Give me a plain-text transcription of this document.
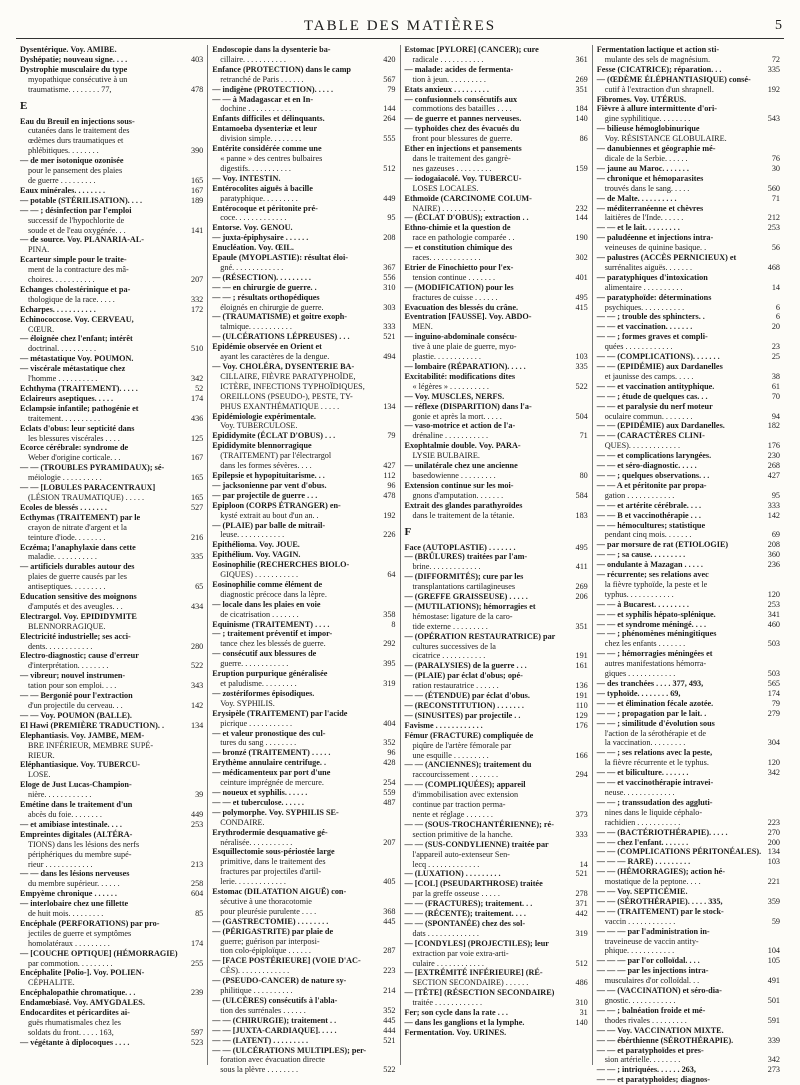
TABLE DES MATIÈRES	5
Dysentérique. Voy. AMIBE.
Dyshépatie; nouveau signe. . . .	403
Dystrophie musculaire du type
myopathique consécutive à un
traumatisme. . . . . . . . 77,	478
E
Eau du Breuil en injections sous-
cutanées dans le traitement des
œdèmes durs traumatiques et
phlébitiques. . . . . . . .	390
— de mer isotonique ozonisée
pour le pansement des plaies
de guerre . . . . . . . . .	165
Eaux minérales. . . . . . . .	167
— potable (STÉRILISATION). . . .	189
— — ; désinfection par l'emploi
successif de l'hypochlorite de
soude et de l'eau oxygénée. . .	141
— de source. Voy. PLANARIA-AL-
PINA.
Ecarteur simple pour le traite-
ment de la contracture des mâ-
choires. . . . . . . . . . .	207
Echanges cholestérinique et pa-
thologique de la race. . . . .	332
Echarpes. . . . . . . . . . .	172
Echinococcose. Voy. CERVEAU,
CŒUR.
— éloignée chez l'enfant; intérêt
doctrinal. . . . . . . . . .	510
— métastatique Voy. POUMON.
— viscérale métastatique chez
l'homme . . . . . . . . . .	342
Echthyma (TRAITEMENT). . . . .	52
Eclaireurs aseptiques. . . . .	174
Eclampsie infantile; pathogénie et
traitement. . . . . . . . . .	436
Eclats d'obus: leur septicité dans
les blessures viscérales . . . .	125
Ecorce cérébrale: syndrome de
Weber d'origine corticale. . .	167
— — (TROUBLES PYRAMIDAUX); sé-
méiologie . . . . . . . . . .	165
— — [LOBULES PARACENTRAUX]
(LÉSION TRAUMATIQUE) . . . . .	165
Ecoles de blessés . . . . . . .	527
Ecthymas (TRAITEMENT) par le
crayon de nitrate d'argent et la
teinture d'iode. . . . . . . .	216
Eczéma; l'anaphylaxie dans cette
maladie. . . . . . . . . . .	335
— artificiels durables autour des
plaies de guerre causés par les
antiseptiques. . . . . . . . .	65
Education sensitive des moignons
d'amputés et des aveugles. . .	434
Electrargol. Voy. EPIDIDYMITE
BLENNORRAGIQUE.
Electricité industrielle; ses acci-
dents. . . . . . . . . . . .	280
Electro-diagnostic; cause d'erreur
d'interprétation. . . . . . . .	522
— vibreur; nouvel instrumen-
tation pour son emploi. . . .	343
— — Bergonié pour l'extraction
d'un projectile du cerveau. . .	142
— — Voy. POUMON (BALLE).
El Hawi (PREMIÈRE TRADUCTION). .	134
Elephantiasis. Voy. JAMBE, MEM-
BRE INFÉRIEUR, MEMBRE SUPÉ-
RIEUR.
Eléphantiasique. Voy. TUBERCU-
LOSE.
Eloge de Just Lucas-Champion-
nière. . . . . . . . . . . .	39
Emétine dans le traitement d'un
abcès du foie. . . . . . . .	449
— et amibiase intestinale. . . .	253
Empreintes digitales (ALTÉRA-
TIONS) dans les lésions des nerfs
périphériques du membre supé-
rieur . . . . . . . . . . . .	213
— — dans les lésions nerveuses
du membre supérieur. . . . . .	258
Empyème chronique . . . . . .	604
— interlobaire chez une fillette
de huit mois. . . . . . . . .	85
Encéphale (PERFORATIONS) par pro-
jectiles de guerre et symptômes
homolatéraux . . . . . . . . .	174
— [COUCHE OPTIQUE] (HÉMORRAGIE)
par commotion. . . . . . . . .	255
Encéphalite [Polio-]. Voy. POLIEN-
CÉPHALITE.
Encéphalopathie chromatique. . .	239
Endamœbiasé. Voy. AMYGDALES.
Endocardites et péricardites ai-
guës rhumatismales chez les
soldats du front. . . . . 163,	597
— végétante à diplocoques . . . .	523
Endoscopie dans la dysenterie ba-
cillaire. . . . . . . . . . .	420
Enfance (PROTECTION) dans le camp
retranché de Paris . . . . . .	567
— indigène (PROTECTION). . . . .	79
— — à Madagascar et en In-
dochine . . . . . . . . . . .	144
Enfants difficiles et délinquants.	264
Entamoeba dysenteriæ et leur
division simple. . . . . . . .	555
Entérite considérée comme une
« panne » des centres bulbaires
digestifs. . . . . . . . . . .	512
— Voy. INTESTIN.
Entérocolites aiguës à bacille
paratyphique. . . . . . . . .	449
Entérocoque et péritonite pré-
coce. . . . . . . . . . . . .	95
Entorse. Voy. GENOU.
— juxta-épiphysaire . . . . . .	208
Enucléation. Voy. ŒIL.
Epaule (MYOPLASTIE): résultat éloi-
gné. . . . . . . . . . . . .	367
— (RÉSECTION). . . . . . . . .	556
— — en chirurgie de guerre. .	310
— — ; résultats orthopédiques
éloignés en chirurgie de guerre.	303
— (TRAUMATISME) et goitre exoph-
talmique. . . . . . . . . . .	333
— (ULCÉRATIONS LÉPREUSES) . . .	521
Epidémie observée en Orient et
ayant les caractères de la dengue.	494
— Voy. CHOLÉRA, DYSENTERIE BA-
CILLAIRE, FIÈVRE PARATYPHOÏDE,
ICTÈRE, INFECTIONS TYPHOÏDIQUES,
OREILLONS (PSEUDO-), PESTE, TY-
PHUS EXANTHÉMATIQUE . . . . .	134
Epidémiologie expérimentale.
Voy. TUBERCULOSE.
Epididymite (ÉCLAT D'OBUS) . . .	79
Epididymite blennorragique
(TRAITEMENT) par l'électrargol
dans les formes sévères. . . .	427
Epilepsie et hypopituitarisme. . .	112
— jacksonienne par vent d'obus.	96
— par projectile de guerre . . .	478
Epiploon (CORPS ÉTRANGER) en-
kysté extrait au bout d'un an. .	192
— (PLAIE) par balle de mitrail-
leuse. . . . . . . . . . . .	226
Epithélioma. Voy. JOUE.
Epithélium. Voy. VAGIN.
Eosinophilie (RECHERCHES BIOLO-
GIQUES) . . . . . . . . . . .	64
Eosinophilie comme élément de
diagnostic précoce dans la lèpre.
— locale dans les plaies en voie
de cicatrisation . . . . . . .	358
Equinisme (TRAITEMENT) . . . .	8
— ; traitement préventif et impor-
tance chez les blessés de guerre.	292
— consécutif aux blessures de
guerre. . . . . . . . . . . .	395
Eruption purpurique généralisée
et paludisme. . . . . . . . .	319
— zostériformes épisodiques.
Voy. SYPHILIS.
Erysipèle (TRAITEMENT) par l'acide
picrique . . . . . . . . . . .	404
— et valeur pronostique des cul-
tures du sang . . . . . . . .	352
— bronzé (TRAITEMENT) . . . . .	96
Erythème annulaire centrifuge. .	428
— médicamenteux par port d'une
ceinture imprégnée de mercure.	254
— noueux et syphilis. . . . . .	559
— — et tuberculose. . . . . .	487
— polymorphe. Voy. SYPHILIS SE-
CONDAIRE.
Erythrodermie desquamative gé-
néralisée. . . . . . . . . . .	207
Esquillectomie sous-périostée large
primitive, dans le traitement des
fractures par projectiles d'artil-
lerie. . . . . . . . . . . . .	405
Estomac (DILATATION AIGUË) con-
sécutive à une thoracotomie
pour pleurésie purulente . . . .	368
— (GASTRECTOMIE) . . . . . . . .	445
— (PÉRIGASTRITE) par plaie de
guerre; guérison par interposi-
tion colo-épiploïque . . . . . .	287
— [FACE POSTÉRIEURE] (VOIE D'AC-
CÈS). . . . . . . . . . . . .	223
— (PSEUDO-CANCER) de nature sy-
philitique . . . . . . . . . .	214
— (ULCÈRES) consécutifs à l'abla-
tion des surrénales . . . . . .	352
— — (CHIRURGIE); traitement . .	445
— — [JUXTA-CARDIAQUE]. . . . .	444
— — (LATENT) . . . . . . . . .	521
— — (ULCÉRATIONS MULTIPLES); per-
foration avec évacuation directe
sous la plèvre . . . . . . . .	522
Estomac [PYLORE] (CANCER); cure
radicale . . . . . . . . . . .	361
— malade: acides de fermenta-
tion à jeun. . . . . . . . . .	269
Etats anxieux . . . . . . . . .	351
— confusionnels consécutifs aux
commotions des batailles . . . .	184
— de guerre et pannes nerveuses.	140
— typhoïdes chez des évacués du
front pour blessures de guerre.	86
Ether en injections et pansements
dans le traitement des gangrè-
nes gazeuses . . . . . . . . .	159
— iodogaiacolé. Voy. TUBERCU-
LOSES LOCALES.
Ethmoïde (CARCINOME COLUM-
NAIRE) . . . . . . . . . . .	232
— (ÉCLAT D'OBUS); extraction . .	144
Ethno-chimie et la question de
race en pathologie comparée . .	190
— et constitution chimique des
races. . . . . . . . . . . . .	302
Etrier de Finochietto pour l'ex-
tension continue . . . . . . .	401
— (MODIFICATION) pour les
fractures de cuisse . . . . . .	495
Evacuation des blessés du crâne.	415
Eventration [FAUSSE]. Voy. ABDO-
MEN.
— inguino-abdominale consécu-
tive à une plaie de guerre, myo-
plastie. . . . . . . . . . . .	103
— lombaire (RÉPARATION). . . . .	335
Excitabilité: modifications dites
« légères » . . . . . . . . . .	522
— Voy. MUSCLES, NERFS.
— réflexe (DISPARITION) dans l'a-
gonie et après la mort. . . . .	504
— vaso-motrice et action de l'a-
drénaline . . . . . . . . . . .	71
Exophtalmie double. Voy. PARA-
LYSIE BULBAIRE.
— unilatérale chez une ancienne
basedowienne . . . . . . . . .	80
Extension continue sur les moi-
gnons d'amputation. . . . . . .	584
Extrait des glandes parathyroïdes
dans le traitement de la tétanie.	183
F
Face (AUTOPLASTIE) . . . . . . .	495
— (BRÛLURES) traitées par l'am-
brine. . . . . . . . . . . . .	411
— (DIFFORMITÉS); cure par les
transplantations cartilagineuses	269
— (GREFFE GRAISSEUSE) . . . . .	206
— (MUTILATIONS); hémorragies et
hémostase: ligature de la caro-
tide externe . . . . . . . . .	351
— (OPÉRATION RESTAURATRICE) par
cultures successives de la
cicatrice . . . . . . . . . . .	191
— (PARALYSIES) de la guerre . . .	161
— (PLAIE) par éclat d'obus; opé-
ration restauratrice . . . . . .	136
— — (ÉTENDUE) par éclat d'obus.	191
— (RECONSTITUTION) . . . . . . .	110
— (SINUSITES) par projectile . .	129
Favisme . . . . . . . . . . . .	176
Fémur (FRACTURE) compliquée de
piqûre de l'artère fémorale par
une esquille . . . . . . . . .	166
— — (ANCIENNES); traitement du
raccourcissement . . . . . . .	294
— — (COMPLIQUÉES); appareil
d'immobilisation avec extension
continue par traction perma-
nente et réglage . . . . . . .	373
— — (SOUS-TROCHANTÉRIENNE); ré-
section primitive de la hanche.	333
— — (SUS-CONDYLIENNE) traitée par
l'appareil auto-extenseur Sen-
lecq . . . . . . . . . . . . .	14
— (LUXATION) . . . . . . . . .	521
— [COL] (PSEUDARTHROSE) traitée
par la greffe osseuse . . . . .	278
— — (FRACTURES); traitement. . .	371
— — (RÉCENTE); traitement. . . .	442
— — (SPONTANÉE) chez des sol-
dats . . . . . . . . . . . . .	319
— [CONDYLES] (PROJECTILES); leur
extraction par voie extra-arti-
culaire . . . . . . . . . . . .	512
— [EXTRÉMITÉ INFÉRIEURE] (RÉ-
SECTION SECONDAIRE) . . . . . .	486
— [TÊTE] (RÉSECTION SECONDAIRE)
traitée . . . . . . . . . . . .	310
Fer; son cycle dans la rate . . .	31
— dans les ganglions et la lymphe.	140
Fermentation. Voy. URINES.
Fermentation lactique et action sti-
mulante des sels de magnésium.	72
Fesse (CICATRICE); réparation. . .	335
— (ŒDÈME ÉLÉPHANTIASIQUE) consé-
cutif à l'extraction d'un shrapnell.	192
Fibromes. Voy. UTÉRUS.
Fièvre à allure intermittente d'ori-
gine syphilitique. . . . . . . .	543
— bilieuse hémoglobinurique
Voy. RÉSISTANCE GLOBULAIRE.
— danubiennes et géographie mé-
dicale de la Serbie. . . . . .	76
— jaune au Maroc. . . . . . .	30
— chronique et hémoparasites
trouvés dans le sang. . . . .	560
— de Malte. . . . . . . . . .	71
— méditerranéenne et chèvres
laitières de l'Inde. . . . . .	212
— — et le lait. . . . . . . . .	253
— paludéenne et injections intra-
veineuses de quinine basique. .	56
— palustres (ACCÈS PERNICIEUX) et
surrénalites aiguës. . . . . . .	468
— paratyphiques d'intoxication
alimentaire . . . . . . . . . .	14
— paratyphoïde: déterminations
psychiques. . . . . . . . . . .	6
— — ; trouble des sphincters. .	6
— — et vaccination. . . . . . .	20
— — ; formes graves et compli-
quées . . . . . . . . . . . .	23
— — (COMPLICATIONS). . . . . . .	25
— — (EPIDÉMIE) aux Dardanelles
et jaunisse des camps. . . . .	38
— — et vaccination antityphique.	61
— — ; étude de quelques cas. . .	70
— — et paralysie du nerf moteur
oculaire commun. . . . . . . .	94
— — (EPIDÉMIE) aux Dardanelles.	182
— — (CARACTÈRES CLINI-
QUES). . . . . . . . . . . . .	176
— — et complications laryngées.	230
— — et séro-diagnostic. . . . .	268
— — ; quelques observations. . .	427
— — A et péritonite par propa-
gation . . . . . . . . . . . .	95
— — et artérite cérébrale. . . .	333
— — B et vaccinothérapie . . .	142
— — hémocultures; statistique
pendant cinq mois. . . . . . .	69
— par morsure de rat (ETIOLOGIE)	208
— — ; sa cause. . . . . . . . .	360
— ondulante à Mazagan . . . . .	236
— récurrente; ses relations avec
la fièvre typhoïde, la peste et le
typhus. . . . . . . . . . . .	120
— — à Bucarest. . . . . . . . .	253
— — et syphilis hépato-splénique.	341
— — et syndrome méningé. . . .	460
— — ; phénomènes méningitiques
chez les enfants . . . . . . .	503
— — ; hémorragies méningées et
autres manifestations hémorra-
giques . . . . . . . . . . . .	503
— des tranchées . . . . 377, 493,	565
— typhoïde. . . . . . . . 69,	174
— — et élimination fécale azotée.	79
— — ; propagation par le lait. .	279
— — ; similitude d'évolution sous
l'action de la sérothérapie et de
la vaccination. . . . . . . . .	304
— — ; ses relations avec la peste,
la fièvre récurrente et le typhus.	120
— — et biliculture. . . . . . .	342
— — et vaccinothérapie intravei-
neuse. . . . . . . . . . . . .
— — ; transsudation des aggluti-
nines dans le liquide céphalo-
rachidien . . . . . . . . . . .	223
— — (BACTÉRIOTHÉRAPIE). . . . .	270
— — chez l'enfant. . . . . . .	200
— — (COMPLICATIONS PÉRITONÉALES). 134
— — — RARE) . . . . . . . . .	103
— — (HÉMORRAGIES); action hé-
mostatique de la peptone. . . .	221
— — Voy. SEPTICÉMIE.
— — (SÉROTHÉRAPIE). . . . . 335,	359
— — (TRAITEMENT) par le stock-
vaccin . . . . . . . . . . . .	59
— — — par l'administration in-
traveineuse de vaccin antity-
phique. . . . . . . . . . . .	104
— — — par l'or colloïdal. . . .	105
— — — par les injections intra-
musculaires d'or colloïdal. . .	491
— — (VACCINATION) et séro-dia-
gnostic. . . . . . . . . . . .	501
— — ; balnéation froide et mé-
thodes rivales . . . . . . . . .	591
— — Voy. VACCINATION MIXTE.
— — ébérthienne (SÉROTHÉRAPIE).	339
— — et paratyphoïdes et pres-
sion artérielle. . . . . . . .	342
— — ; intriquées. . . . . . 263,	273
— — et paratyphoïdes; diagnos-
